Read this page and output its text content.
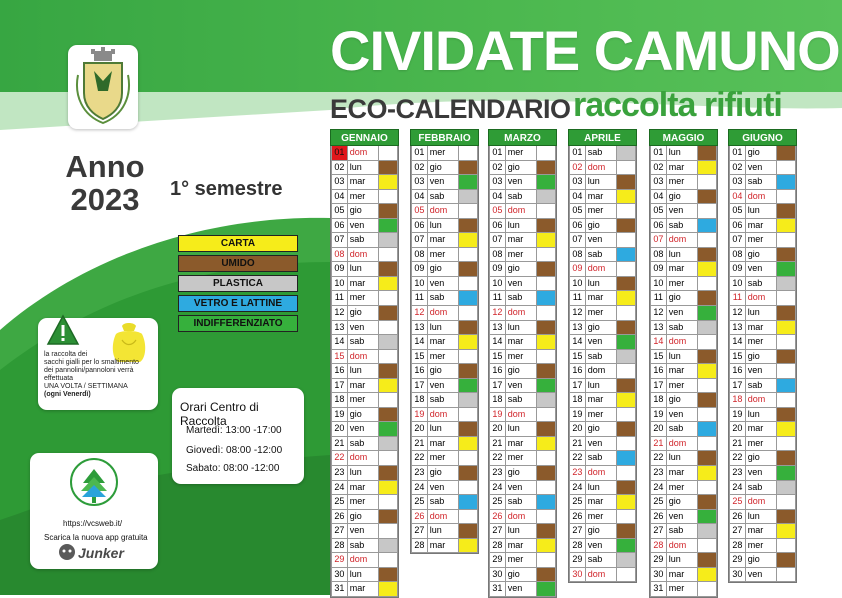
CIVIDATE CAMUNO
ECO-CALENDARIO raccolta rifiuti
Anno
2023	1° semestre
CARTA
UMIDO
PLASTICA
VETRO E LATTINE
INDIFFERENZIATO
la raccolta dei
sacchi gialli per lo smaltimento
dei pannolini/pannoloni verrà
effettuata
UNA VOLTA / SETTIMANA
(ogni Venerdì)
Orari Centro di Raccolta
Martedì: 13:00 -17:00
Giovedì: 08:00 -12:00
Sabato: 08:00 -12:00
https://vcsweb.it/
Scarica la nuova app gratuita
Junker
GENNAIO
01 dom
02 lun
03 mar
04 mer
05 gio
06 ven
07 sab
08 dom
09 lun
10 mar
11 mer
12 gio
13 ven
14 sab
15 dom
16 lun
17 mar
18 mer
19 gio
20 ven
21 sab
22 dom
23 lun
24 mar
25 mer
26 gio
27 ven
28 sab
29 dom
30 lun
31 mar
FEBBRAIO
01 mer
02 gio
03 ven
04 sab
05 dom
06 lun
07 mar
08 mer
09 gio
10 ven
11 sab
12 dom
13 lun
14 mar
15 mer
16 gio
17 ven
18 sab
19 dom
20 lun
21 mar
22 mer
23 gio
24 ven
25 sab
26 dom
27 lun
28 mar
MARZO
01 mer
02 gio
03 ven
04 sab
05 dom
06 lun
07 mar
08 mer
09 gio
10 ven
11 sab
12 dom
13 lun
14 mar
15 mer
16 gio
17 ven
18 sab
19 dom
20 lun
21 mar
22 mer
23 gio
24 ven
25 sab
26 dom
27 lun
28 mar
29 mer
30 gio
31 ven
APRILE
01 sab
02 dom
03 lun
04 mar
05 mer
06 gio
07 ven
08 sab
09 dom
10 lun
11 mar
12 mer
13 gio
14 ven
15 sab
16 dom
17 lun
18 mar
19 mer
20 gio
21 ven
22 sab
23 dom
24 lun
25 mar
26 mer
27 gio
28 ven
29 sab
30 dom
MAGGIO
01 lun
02 mar
03 mer
04 gio
05 ven
06 sab
07 dom
08 lun
09 mar
10 mer
11 gio
12 ven
13 sab
14 dom
15 lun
16 mar
17 mer
18 gio
19 ven
20 sab
21 dom
22 lun
23 mar
24 mer
25 gio
26 ven
27 sab
28 dom
29 lun
30 mar
31 mer
GIUGNO
01 gio
02 ven
03 sab
04 dom
05 lun
06 mar
07 mer
08 gio
09 ven
10 sab
11 dom
12 lun
13 mar
14 mer
15 gio
16 ven
17 sab
18 dom
19 lun
20 mar
21 mer
22 gio
23 ven
24 sab
25 dom
26 lun
27 mar
28 mer
29 gio
30 ven
